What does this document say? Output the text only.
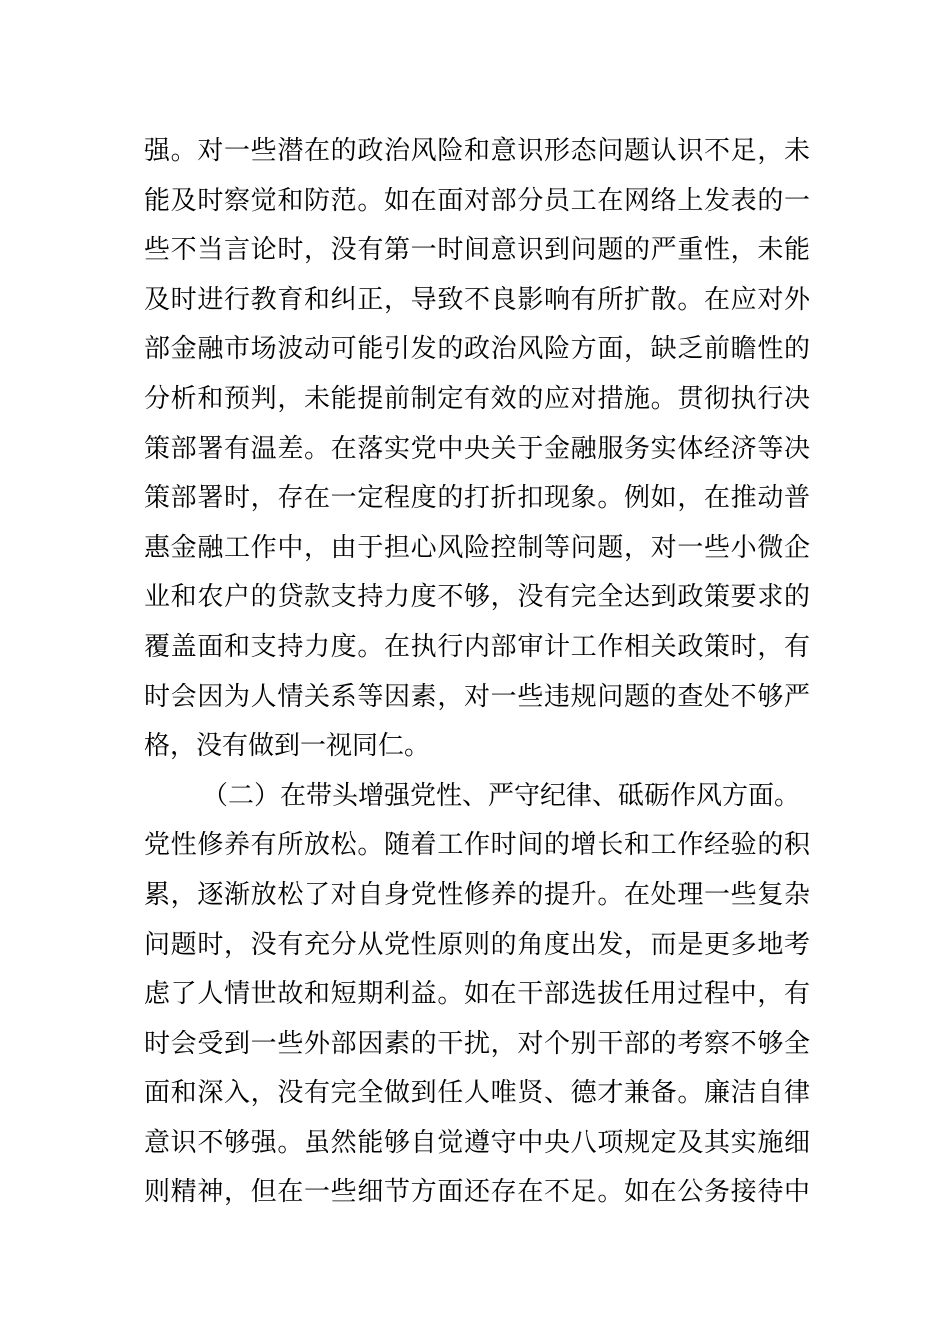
强。对一些潜在的政治风险和意识形态问题认识不足，未
能及时察觉和防范。如在面对部分员工在网络上发表的一
些不当言论时，没有第一时间意识到问题的严重性，未能
及时进行教育和纠正，导致不良影响有所扩散。在应对外
部金融市场波动可能引发的政治风险方面，缺乏前瞻性的
分析和预判，未能提前制定有效的应对措施。贯彻执行决
策部署有温差。在落实党中央关于金融服务实体经济等决
策部署时，存在一定程度的打折扣现象。例如，在推动普
惠金融工作中，由于担心风险控制等问题，对一些小微企
业和农户的贷款支持力度不够，没有完全达到政策要求的
覆盖面和支持力度。在执行内部审计工作相关政策时，有
时会因为人情关系等因素，对一些违规问题的查处不够严
格，没有做到一视同仁。
（二）在带头增强党性、严守纪律、砥砺作风方面。
党性修养有所放松。随着工作时间的增长和工作经验的积
累，逐渐放松了对自身党性修养的提升。在处理一些复杂
问题时，没有充分从党性原则的角度出发，而是更多地考
虑了人情世故和短期利益。如在干部选拔任用过程中，有
时会受到一些外部因素的干扰，对个别干部的考察不够全
面和深入，没有完全做到任人唯贤、德才兼备。廉洁自律
意识不够强。虽然能够自觉遵守中央八项规定及其实施细
则精神，但在一些细节方面还存在不足。如在公务接待中
